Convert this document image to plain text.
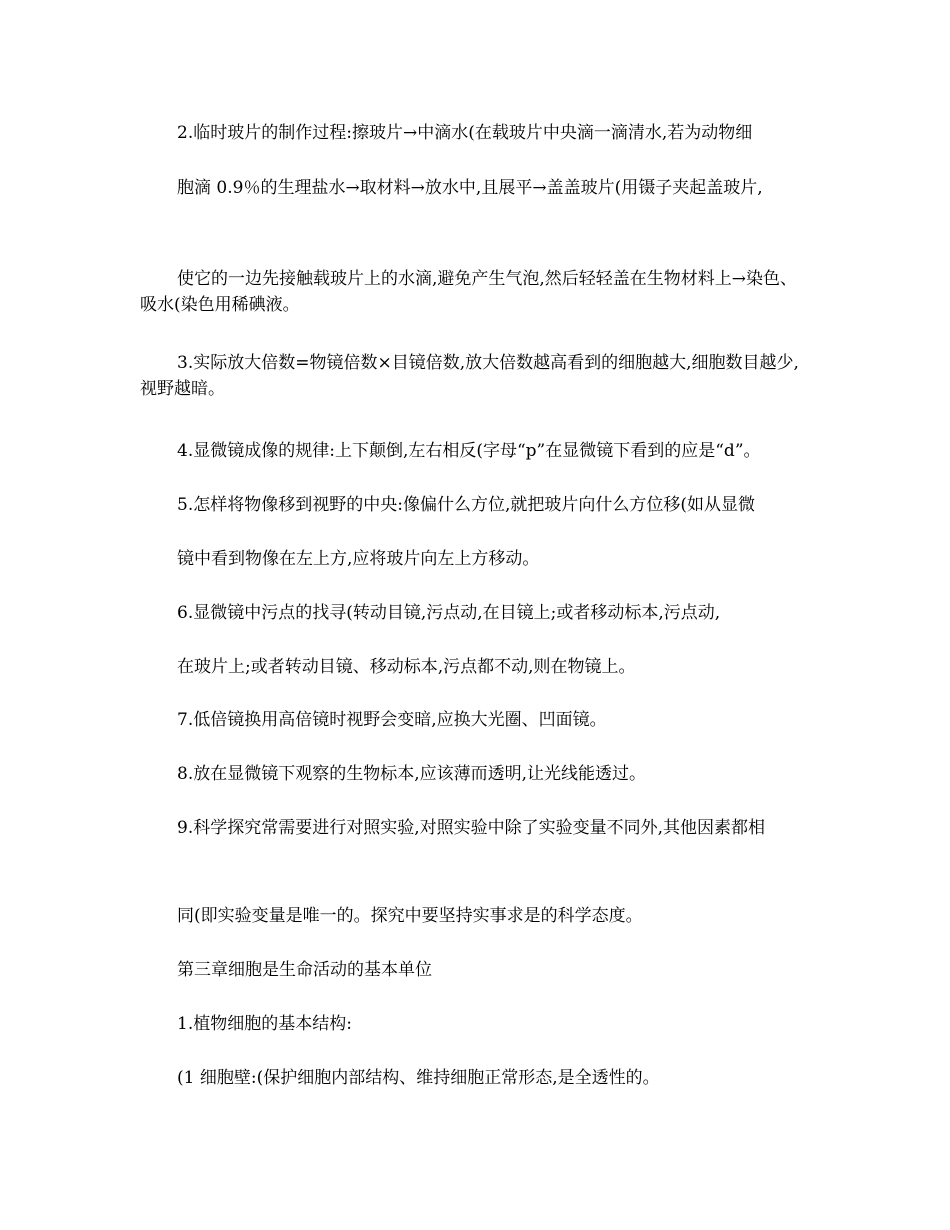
2.临时玻片的制作过程:擦玻片→中滴水(在载玻片中央滴一滴清水,若为动物细
胞滴 0.9％的生理盐水→取材料→放水中,且展平→盖盖玻片(用镊子夹起盖玻片,
使它的一边先接触载玻片上的水滴,避免产生气泡,然后轻轻盖在生物材料上→染色、吸水(染色用稀碘液。
3.实际放大倍数=物镜倍数×目镜倍数,放大倍数越高看到的细胞越大,细胞数目越少,视野越暗。
4.显微镜成像的规律:上下颠倒,左右相反(字母“p”在显微镜下看到的应是“d”。
5.怎样将物像移到视野的中央:像偏什么方位,就把玻片向什么方位移(如从显微
镜中看到物像在左上方,应将玻片向左上方移动。
6.显微镜中污点的找寻(转动目镜,污点动,在目镜上;或者移动标本,污点动,
在玻片上;或者转动目镜、移动标本,污点都不动,则在物镜上。
7.低倍镜换用高倍镜时视野会变暗,应换大光圈、凹面镜。
8.放在显微镜下观察的生物标本,应该薄而透明,让光线能透过。
9.科学探究常需要进行对照实验,对照实验中除了实验变量不同外,其他因素都相
同(即实验变量是唯一的。探究中要坚持实事求是的科学态度。
第三章细胞是生命活动的基本单位
1.植物细胞的基本结构:
(1 细胞壁:(保护细胞内部结构、维持细胞正常形态,是全透性的。
